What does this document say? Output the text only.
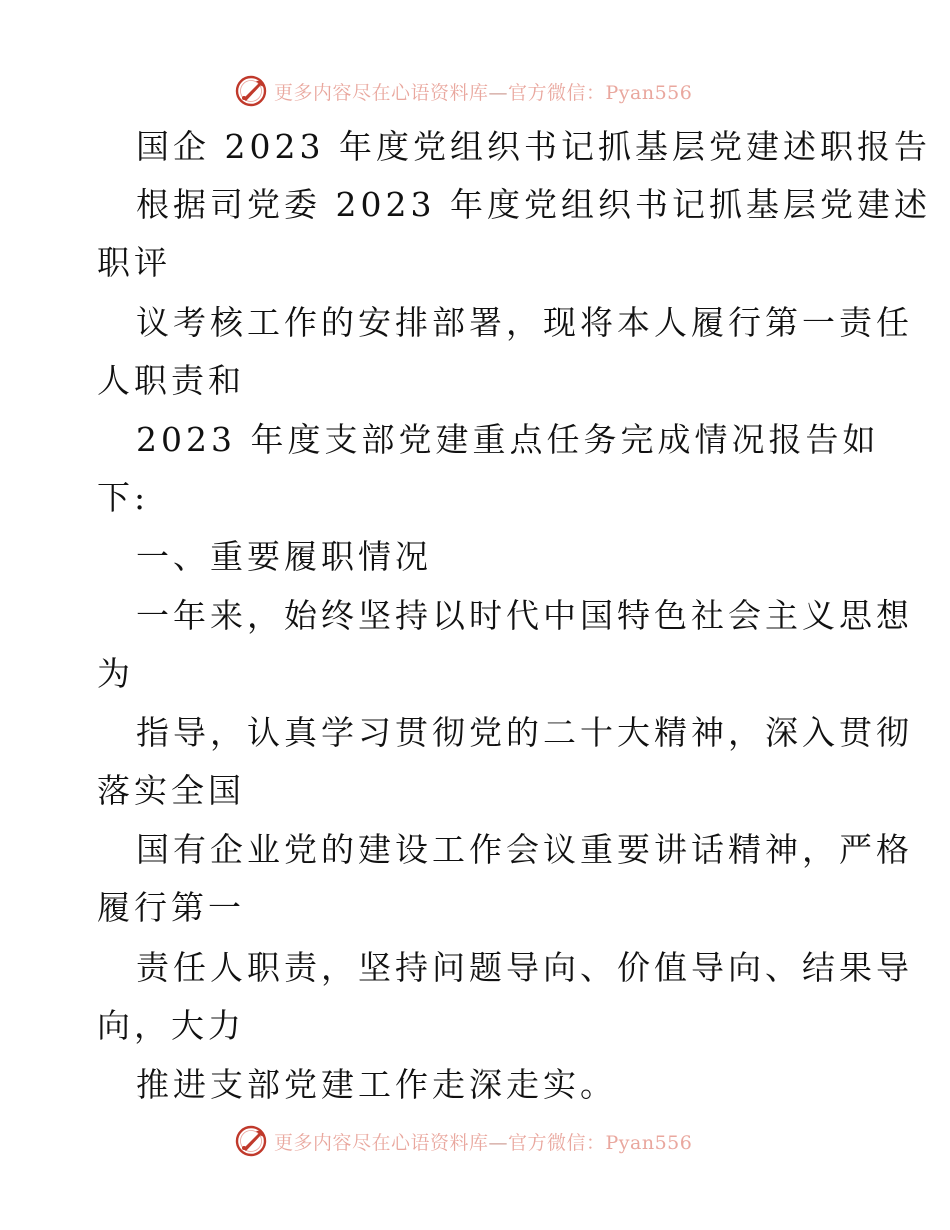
更多内容尽在心语资料库—官方微信：Pyan556
国企 2023 年度党组织书记抓基层党建述职报告
根据司党委 2023 年度党组织书记抓基层党建述
职评
议考核工作的安排部署，现将本人履行第一责任
人职责和
2023 年度支部党建重点任务完成情况报告如
下:
一、重要履职情况
一年来，始终坚持以时代中国特色社会主义思想
为
指导，认真学习贯彻党的二十大精神，深入贯彻
落实全国
国有企业党的建设工作会议重要讲话精神，严格
履行第一
责任人职责，坚持问题导向、价值导向、结果导
向，大力
推进支部党建工作走深走实。
更多内容尽在心语资料库—官方微信：Pyan556
